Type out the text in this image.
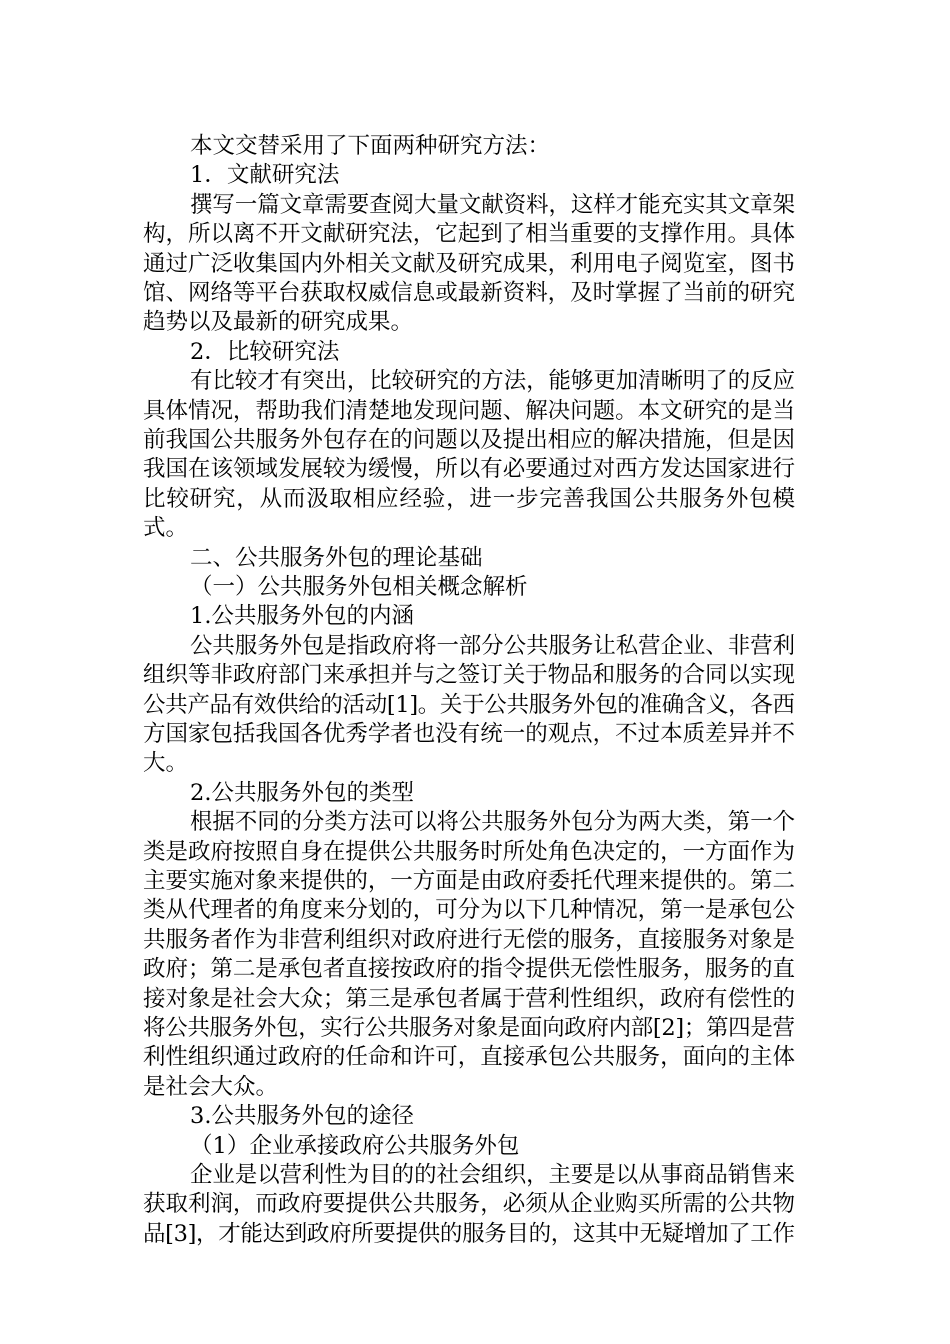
本文交替采用了下面两种研究方法：
1．文献研究法
撰写一篇文章需要查阅大量文献资料，这样才能充实其文章架
构，所以离不开文献研究法，它起到了相当重要的支撑作用。具体
通过广泛收集国内外相关文献及研究成果，利用电子阅览室，图书
馆、网络等平台获取权威信息或最新资料，及时掌握了当前的研究
趋势以及最新的研究成果。
2．比较研究法
有比较才有突出，比较研究的方法，能够更加清晰明了的反应
具体情况，帮助我们清楚地发现问题、解决问题。本文研究的是当
前我国公共服务外包存在的问题以及提出相应的解决措施，但是因
我国在该领域发展较为缓慢，所以有必要通过对西方发达国家进行
比较研究，从而汲取相应经验，进一步完善我国公共服务外包模
式。
二、公共服务外包的理论基础
（一）公共服务外包相关概念解析
1.公共服务外包的内涵
公共服务外包是指政府将一部分公共服务让私营企业、非营利
组织等非政府部门来承担并与之签订关于物品和服务的合同以实现
公共产品有效供给的活动[1]。关于公共服务外包的准确含义，各西
方国家包括我国各优秀学者也没有统一的观点，不过本质差异并不
大。
2.公共服务外包的类型
根据不同的分类方法可以将公共服务外包分为两大类，第一个
类是政府按照自身在提供公共服务时所处角色决定的，一方面作为
主要实施对象来提供的，一方面是由政府委托代理来提供的。第二
类从代理者的角度来分划的，可分为以下几种情况，第一是承包公
共服务者作为非营利组织对政府进行无偿的服务，直接服务对象是
政府；第二是承包者直接按政府的指令提供无偿性服务，服务的直
接对象是社会大众；第三是承包者属于营利性组织，政府有偿性的
将公共服务外包，实行公共服务对象是面向政府内部[2]；第四是营
利性组织通过政府的任命和许可，直接承包公共服务，面向的主体
是社会大众。
3.公共服务外包的途径
（1）企业承接政府公共服务外包
企业是以营利性为目的的社会组织，主要是以从事商品销售来
获取利润，而政府要提供公共服务，必须从企业购买所需的公共物
品[3]，才能达到政府所要提供的服务目的，这其中无疑增加了工作
